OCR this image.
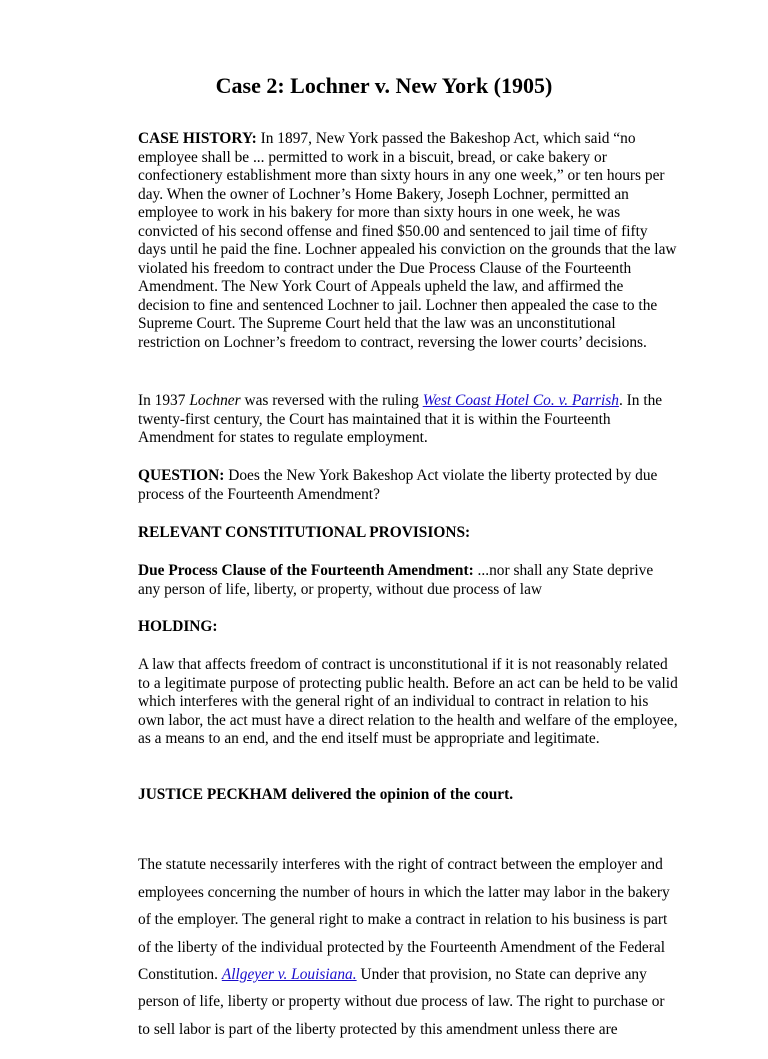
Case 2: Lochner v. New York (1905)

CASE HISTORY: In 1897, New York passed the Bakeshop Act, which said “no employee shall be ... permitted to work in a biscuit, bread, or cake bakery or confectionery establishment more than sixty hours in any one week,” or ten hours per day. When the owner of Lochner’s Home Bakery, Joseph Lochner, permitted an employee to work in his bakery for more than sixty hours in one week, he was convicted of his second offense and fined $50.00 and sentenced to jail time of fifty days until he paid the fine. Lochner appealed his conviction on the grounds that the law violated his freedom to contract under the Due Process Clause of the Fourteenth Amendment. The New York Court of Appeals upheld the law, and affirmed the decision to fine and sentenced Lochner to jail. Lochner then appealed the case to the Supreme Court. The Supreme Court held that the law was an unconstitutional restriction on Lochner’s freedom to contract, reversing the lower courts’ decisions.

In 1937 Lochner was reversed with the ruling West Coast Hotel Co. v. Parrish. In the twenty-first century, the Court has maintained that it is within the Fourteenth Amendment for states to regulate employment.

QUESTION: Does the New York Bakeshop Act violate the liberty protected by due process of the Fourteenth Amendment?

RELEVANT CONSTITUTIONAL PROVISIONS:

Due Process Clause of the Fourteenth Amendment: ...nor shall any State deprive any person of life, liberty, or property, without due process of law

HOLDING:

A law that affects freedom of contract is unconstitutional if it is not reasonably related to a legitimate purpose of protecting public health. Before an act can be held to be valid which interferes with the general right of an individual to contract in relation to his own labor, the act must have a direct relation to the health and welfare of the employee, as a means to an end, and the end itself must be appropriate and legitimate.

JUSTICE PECKHAM delivered the opinion of the court.

The statute necessarily interferes with the right of contract between the employer and employees concerning the number of hours in which the latter may labor in the bakery of the employer. The general right to make a contract in relation to his business is part of the liberty of the individual protected by the Fourteenth Amendment of the Federal Constitution. Allgeyer v. Louisiana. Under that provision, no State can deprive any person of life, liberty or property without due process of law. The right to purchase or to sell labor is part of the liberty protected by this amendment unless there are
